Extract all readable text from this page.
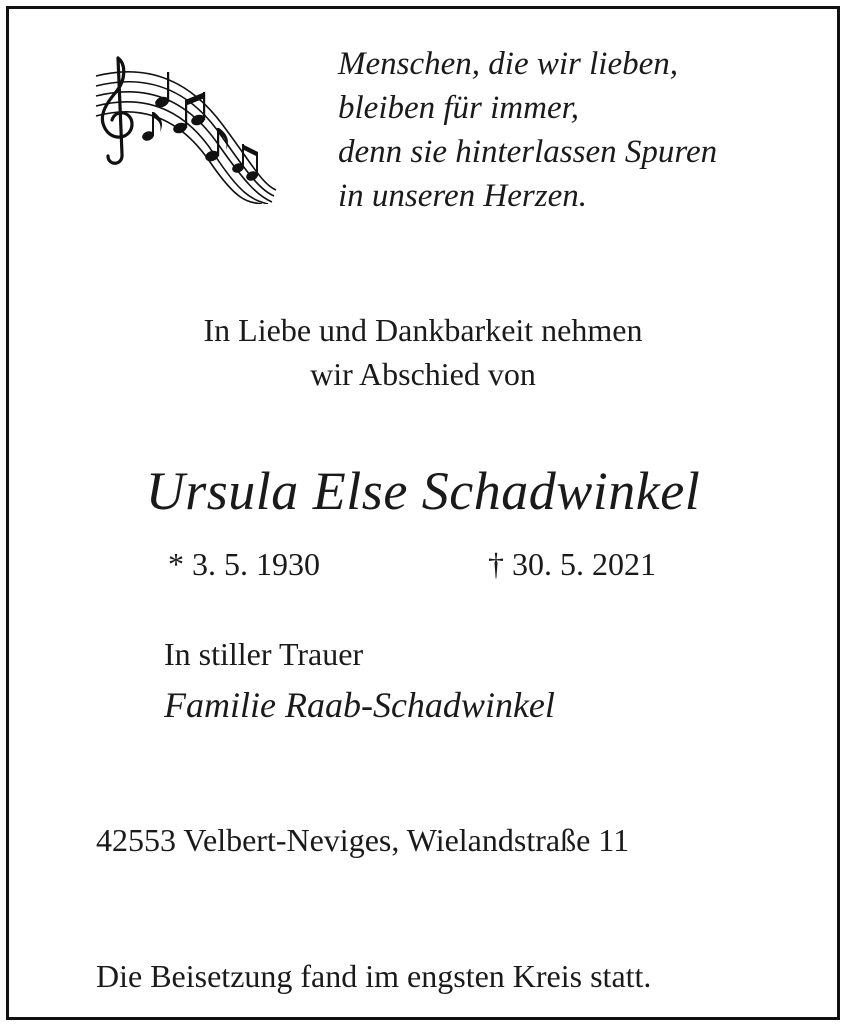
Menschen, die wir lieben,
bleiben für immer,
denn sie hinterlassen Spuren
in unseren Herzen.
In Liebe und Dankbarkeit nehmen
wir Abschied von
Ursula Else Schadwinkel
* 3. 5. 1930	† 30. 5. 2021
In stiller Trauer
Familie Raab-Schadwinkel
42553 Velbert-Neviges, Wielandstraße 11
Die Beisetzung fand im engsten Kreis statt.
